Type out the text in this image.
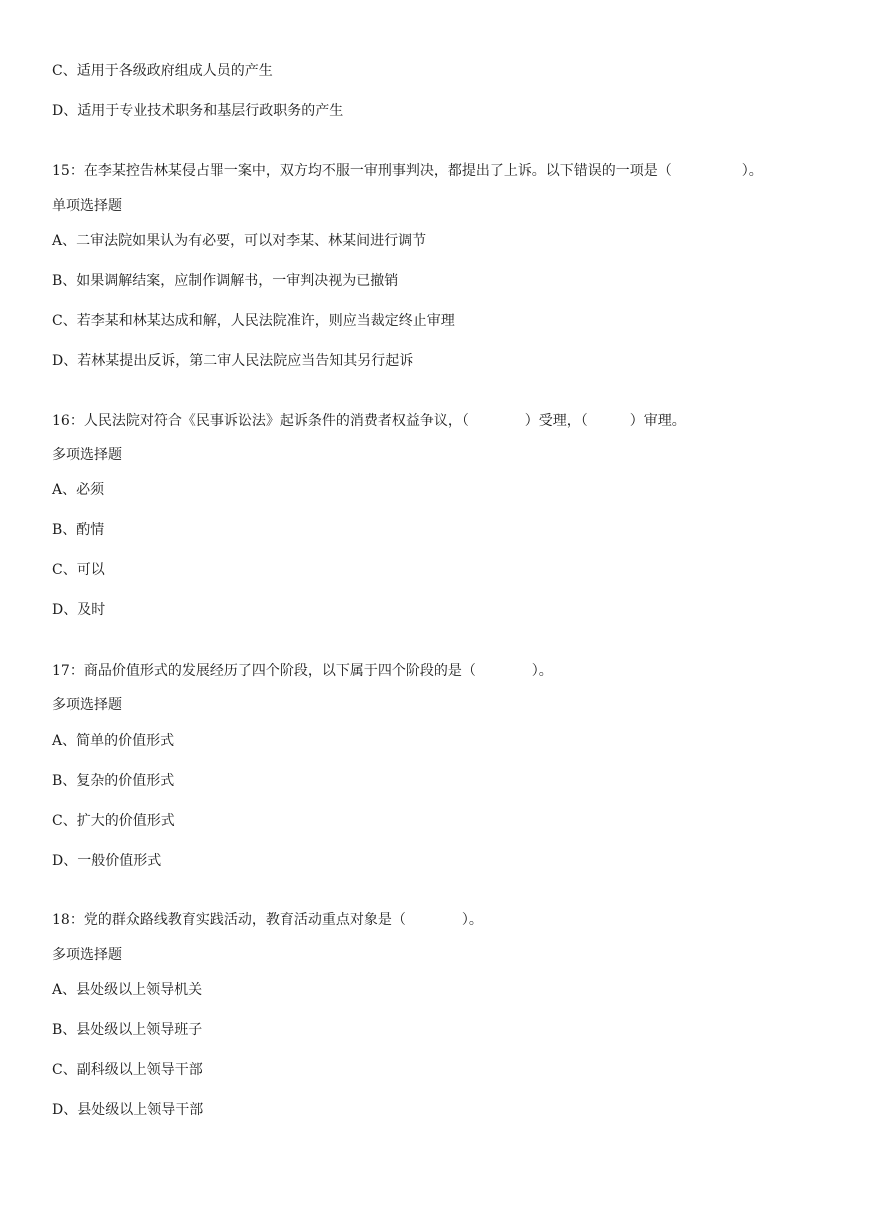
C、适用于各级政府组成人员的产生
D、适用于专业技术职务和基层行政职务的产生
15：在李某控告林某侵占罪一案中，双方均不服一审刑事判决，都提出了上诉。以下错误的一项是（　　　　　）。
单项选择题
A、二审法院如果认为有必要，可以对李某、林某间进行调节
B、如果调解结案，应制作调解书，一审判决视为已撤销
C、若李某和林某达成和解，人民法院准许，则应当裁定终止审理
D、若林某提出反诉，第二审人民法院应当告知其另行起诉
16：人民法院对符合《民事诉讼法》起诉条件的消费者权益争议，（　　　　）受理，（　　　）审理。
多项选择题
A、必须
B、酌情
C、可以
D、及时
17：商品价值形式的发展经历了四个阶段，以下属于四个阶段的是（　　　　）。
多项选择题
A、简单的价值形式
B、复杂的价值形式
C、扩大的价值形式
D、一般价值形式
18：党的群众路线教育实践活动，教育活动重点对象是（　　　　）。
多项选择题
A、县处级以上领导机关
B、县处级以上领导班子
C、副科级以上领导干部
D、县处级以上领导干部
